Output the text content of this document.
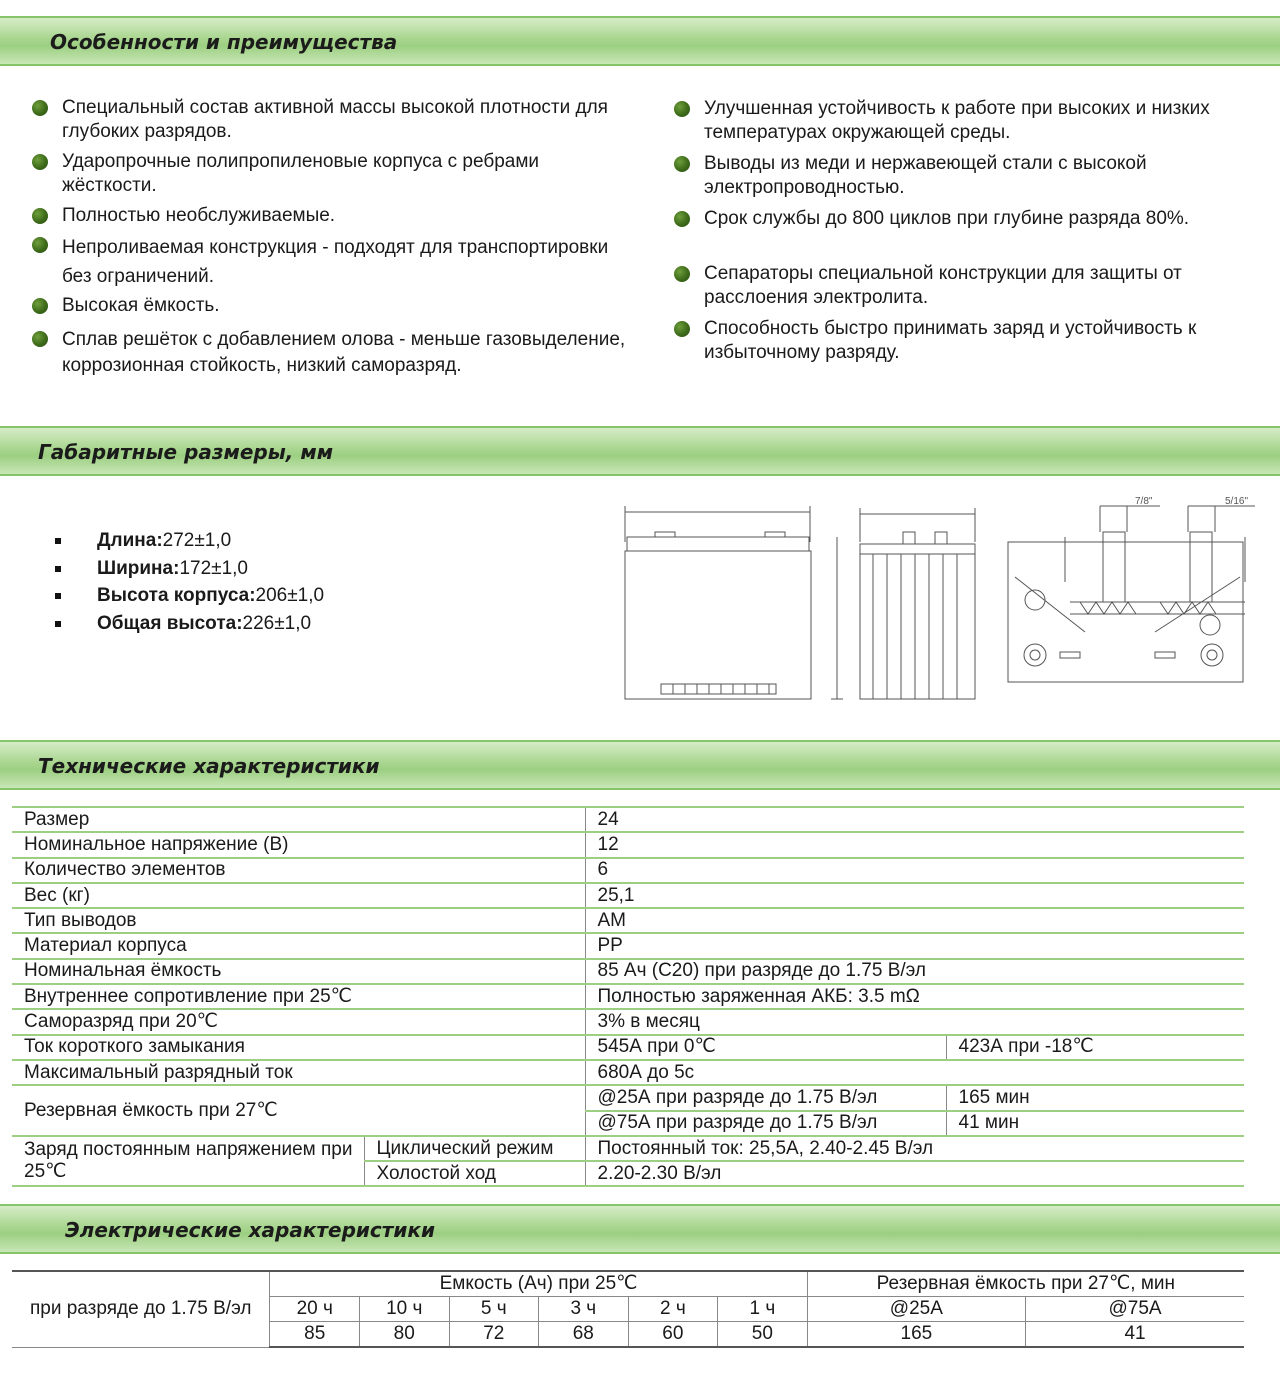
Особенности и преимущества
Габаритные размеры, мм
Технические характеристики
Электрические характеристики
Специальный состав активной массы высокой плотности для глубоких разрядов.
Ударопрочные полипропиленовые корпуса с ребрами жёсткости.
Полностью необслуживаемые.
Непроливаемая конструкция - подходят для транспортировки без ограничений.
Высокая ёмкость.
Сплав решёток с добавлением олова - меньше газовыделение, коррозионная стойкость, низкий саморазряд.
Улучшенная устойчивость к работе при высоких и низких температурах окружающей среды.
Выводы из меди и нержавеющей стали с высокой электропроводностью.
Срок службы до 800 циклов при глубине разряда 80%.
Сепараторы специальной конструкции для защиты от расслоения электролита.
Способность быстро принимать заряд и устойчивость к избыточному разряду.
Длина:272±1,0
Ширина:172±1,0
Высота корпуса:206±1,0
Общая высота:226±1,0
7/8"	5/16"
Размер		24	
Номинальное напряжение (В)		12	
Количество элементов		6	
Вес (кг)		25,1	
Тип выводов		AM	
Материал корпуса		PP	
Номинальная ёмкость		85 Ач (С20) при разряде до 1.75 В/эл	
Внутреннее сопротивление при 25℃		Полностью заряженная АКБ: 3.5 mΩ	
Саморазряд при 20℃		3% в месяц	
Ток короткого замыкания		545А при 0℃	423А при -18℃
Максимальный разрядный ток		680А до 5с	
Резервная ёмкость при 27℃		@25А при разряде до 1.75 В/эл	165 мин
		@75А при разряде до 1.75 В/эл	41 мин
Заряд постоянным напряжением при 25℃	Циклический режим	Постоянный ток: 25,5А, 2.40-2.45 В/эл	
	Холостой ход	2.20-2.30 В/эл	
при разряде до 1.75 В/эл	Емкость (Ач) при 25℃						Резервная ёмкость при 27℃, мин	
	20 ч	10 ч	5 ч	3 ч	2 ч	1 ч	@25А	@75А
	85	80	72	68	60	50	165	41
